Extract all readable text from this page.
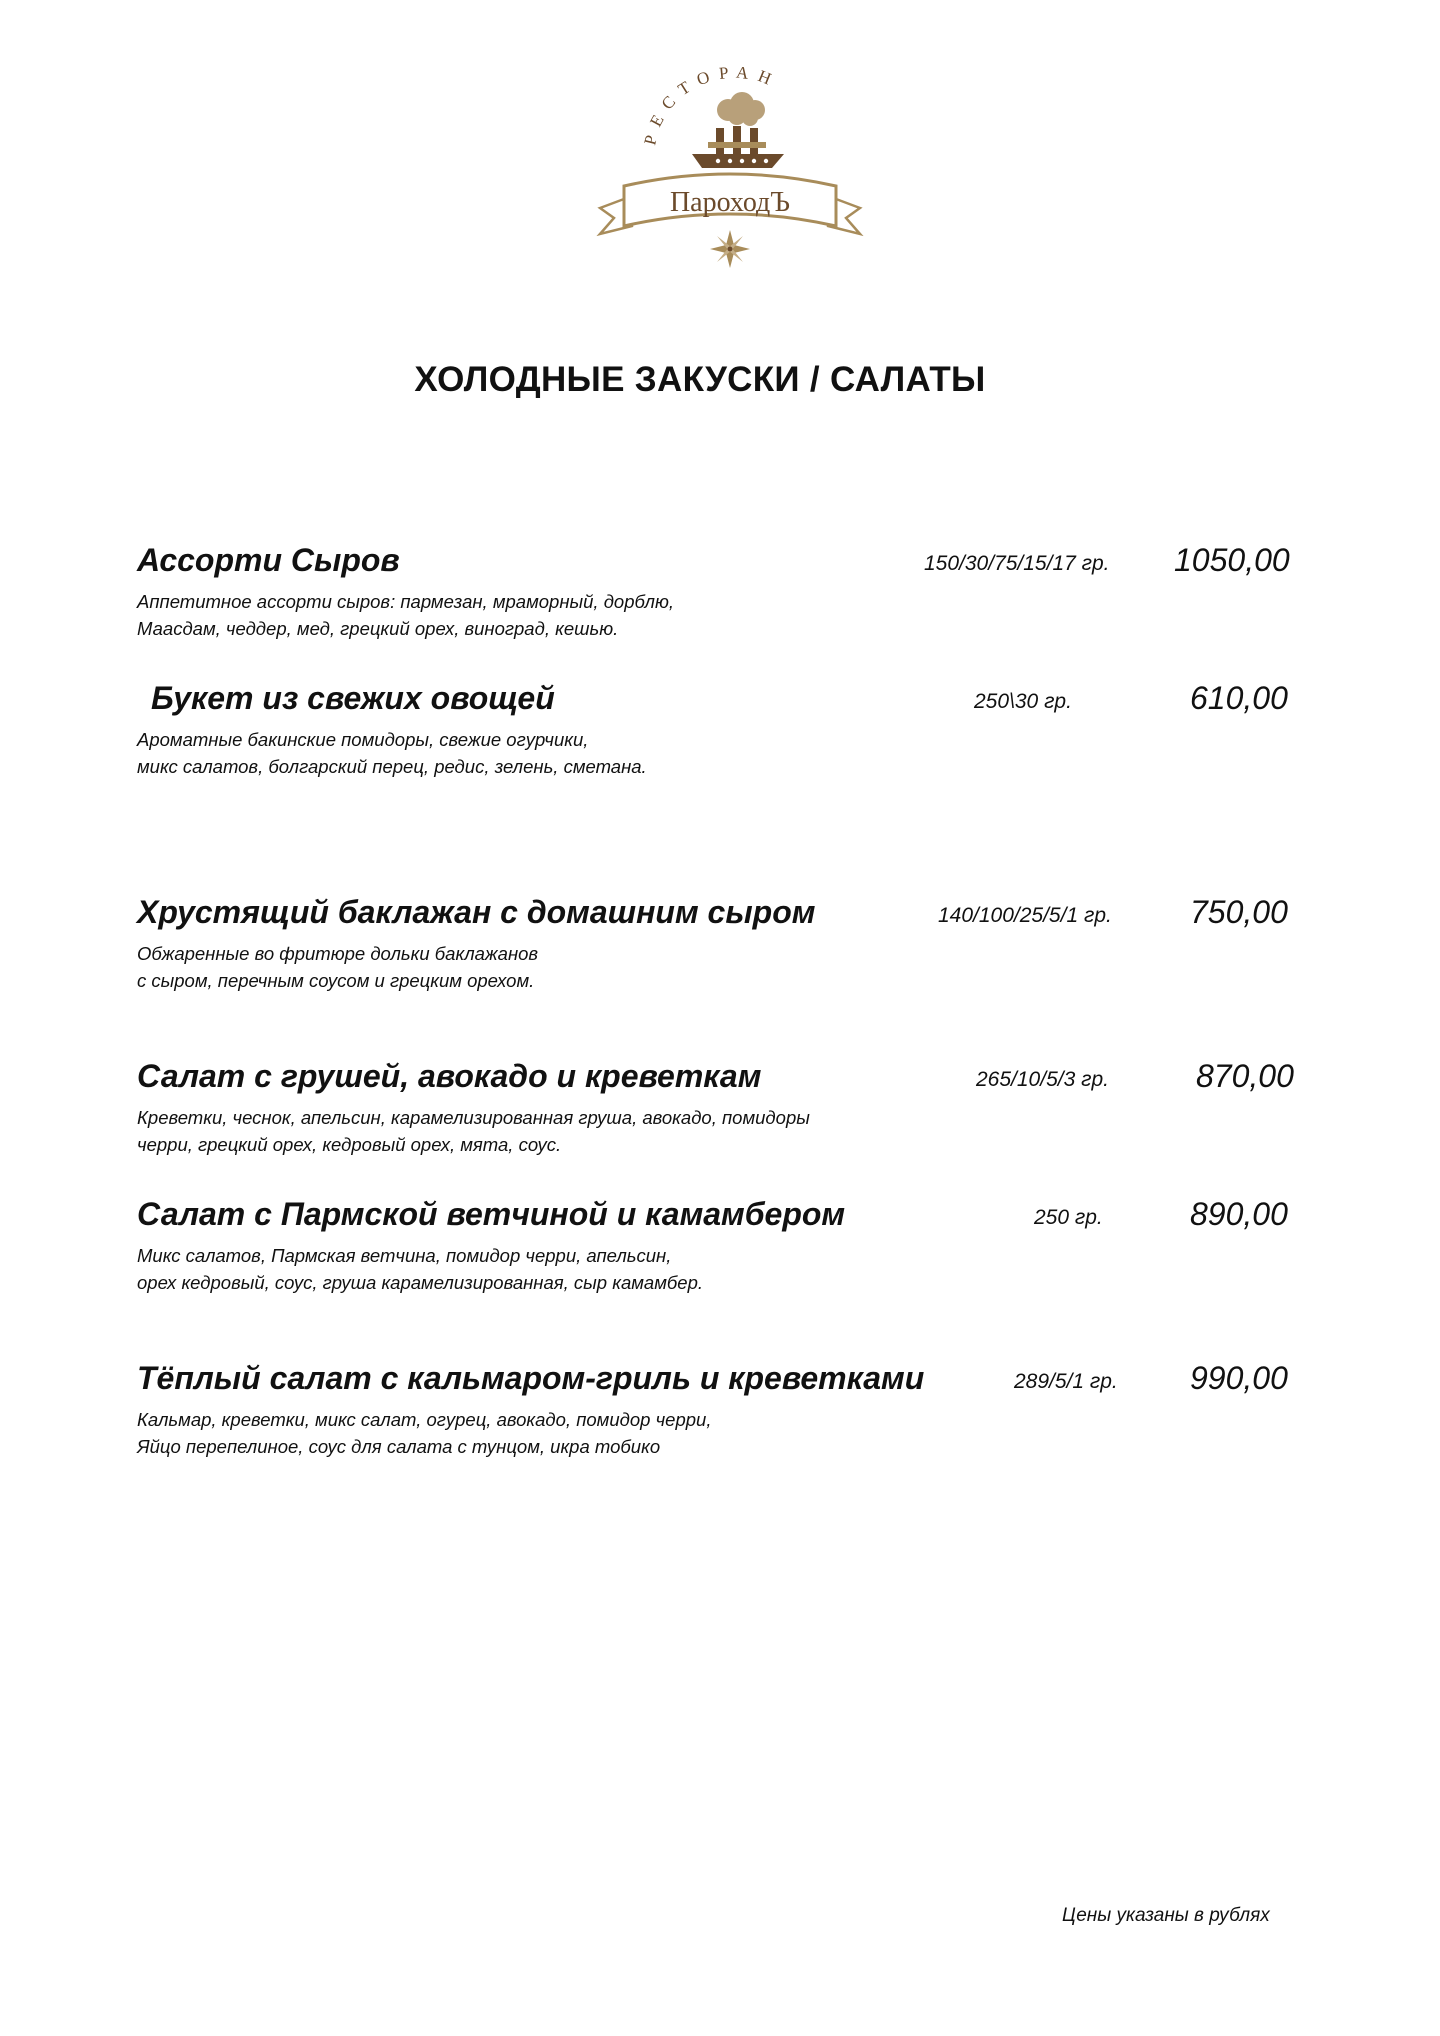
РЕСТОРАН
ПароходЪ
ХОЛОДНЫЕ ЗАКУСКИ / САЛАТЫ
Ассорти Сыров	150/30/75/15/17 гр. 1050,00
Аппетитное ассорти сыров: пармезан, мраморный, дорблю,
Маасдам, чеддер, мед, грецкий орех, виноград, кешью.
Букет из свежих овощей	250\30 гр.	610,00
Ароматные бакинские помидоры, свежие огурчики,
микс салатов, болгарский перец, редис, зелень, сметана.
Хрустящий баклажан с домашним сыром	140/100/25/5/1 гр. 750,00
Обжаренные во фритюре дольки баклажанов
с сыром, перечным соусом и грецким орехом.
Салат с грушей, авокадо и креветкам	265/10/5/3 гр.	870,00
Креветки, чеснок, апельсин, карамелизированная груша, авокадо, помидоры
черри, грецкий орех, кедровый орех, мята, соус.
Салат с Пармской ветчиной и камамбером	250 гр.	890,00
Микс салатов, Пармская ветчина, помидор черри, апельсин,
орех кедровый, соус, груша карамелизированная, сыр камамбер.
Тёплый салат с кальмаром-гриль и креветками	289/5/1 гр. 990,00
Кальмар, креветки, микс салат, огурец, авокадо, помидор черри,
Яйцо перепелиное, соус для салата с тунцом, икра тобико
Цены указаны в рублях
